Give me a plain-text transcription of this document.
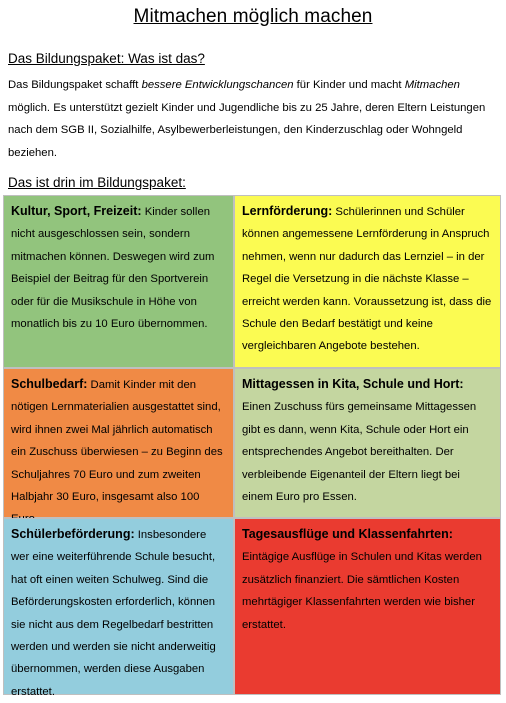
Mitmachen möglich machen
Das Bildungspaket: Was ist das?
Das Bildungspaket schafft bessere Entwicklungschancen für Kinder und macht Mitmachen möglich. Es unterstützt gezielt Kinder und Jugendliche bis zu 25 Jahre, deren Eltern Leistungen nach dem SGB II, Sozialhilfe, Asylbewerberleistungen, den Kinderzuschlag oder Wohngeld beziehen.
Das ist drin im Bildungspaket:
Kultur, Sport, Freizeit: Kinder sollen nicht ausgeschlossen sein, sondern mitmachen können. Deswegen wird zum Beispiel der Beitrag für den Sportverein oder für die Musikschule in Höhe von monatlich bis zu 10 Euro übernommen.
Lernförderung: Schülerinnen und Schüler können angemessene Lernförderung in Anspruch nehmen, wenn nur dadurch das Lernziel – in der Regel die Versetzung in die nächste Klasse – erreicht werden kann. Voraussetzung ist, dass die Schule den Bedarf bestätigt und keine vergleichbaren Angebote bestehen.
Schulbedarf: Damit Kinder mit den nötigen Lernmaterialien ausgestattet sind, wird ihnen zwei Mal jährlich automatisch ein Zuschuss überwiesen – zu Beginn des Schuljahres 70 Euro und zum zweiten Halbjahr 30 Euro, insgesamt also 100
Mittagessen in Kita, Schule und Hort: Einen Zuschuss fürs gemeinsame Mittagessen gibt es dann, wenn Kita, Schule oder Hort ein entsprechendes Angebot bereithalten. Der verbleibende Eigenanteil der Eltern liegt bei einem Euro pro Essen.
Schülerbeförderung: Insbesondere wer eine weiterführende Schule besucht, hat oft einen weiten Schulweg. Sind die Beförderungskosten erforderlich, können sie nicht aus dem Regelbedarf bestritten werden und werden sie nicht anderweitig übernommen, werden diese Ausgaben erstattet.
Tagesausflüge und Klassenfahrten: Eintägige Ausflüge in Schulen und Kitas werden zusätzlich finanziert. Die sämtlichen Kosten mehrtägiger Klassenfahrten werden wie bisher erstattet.
